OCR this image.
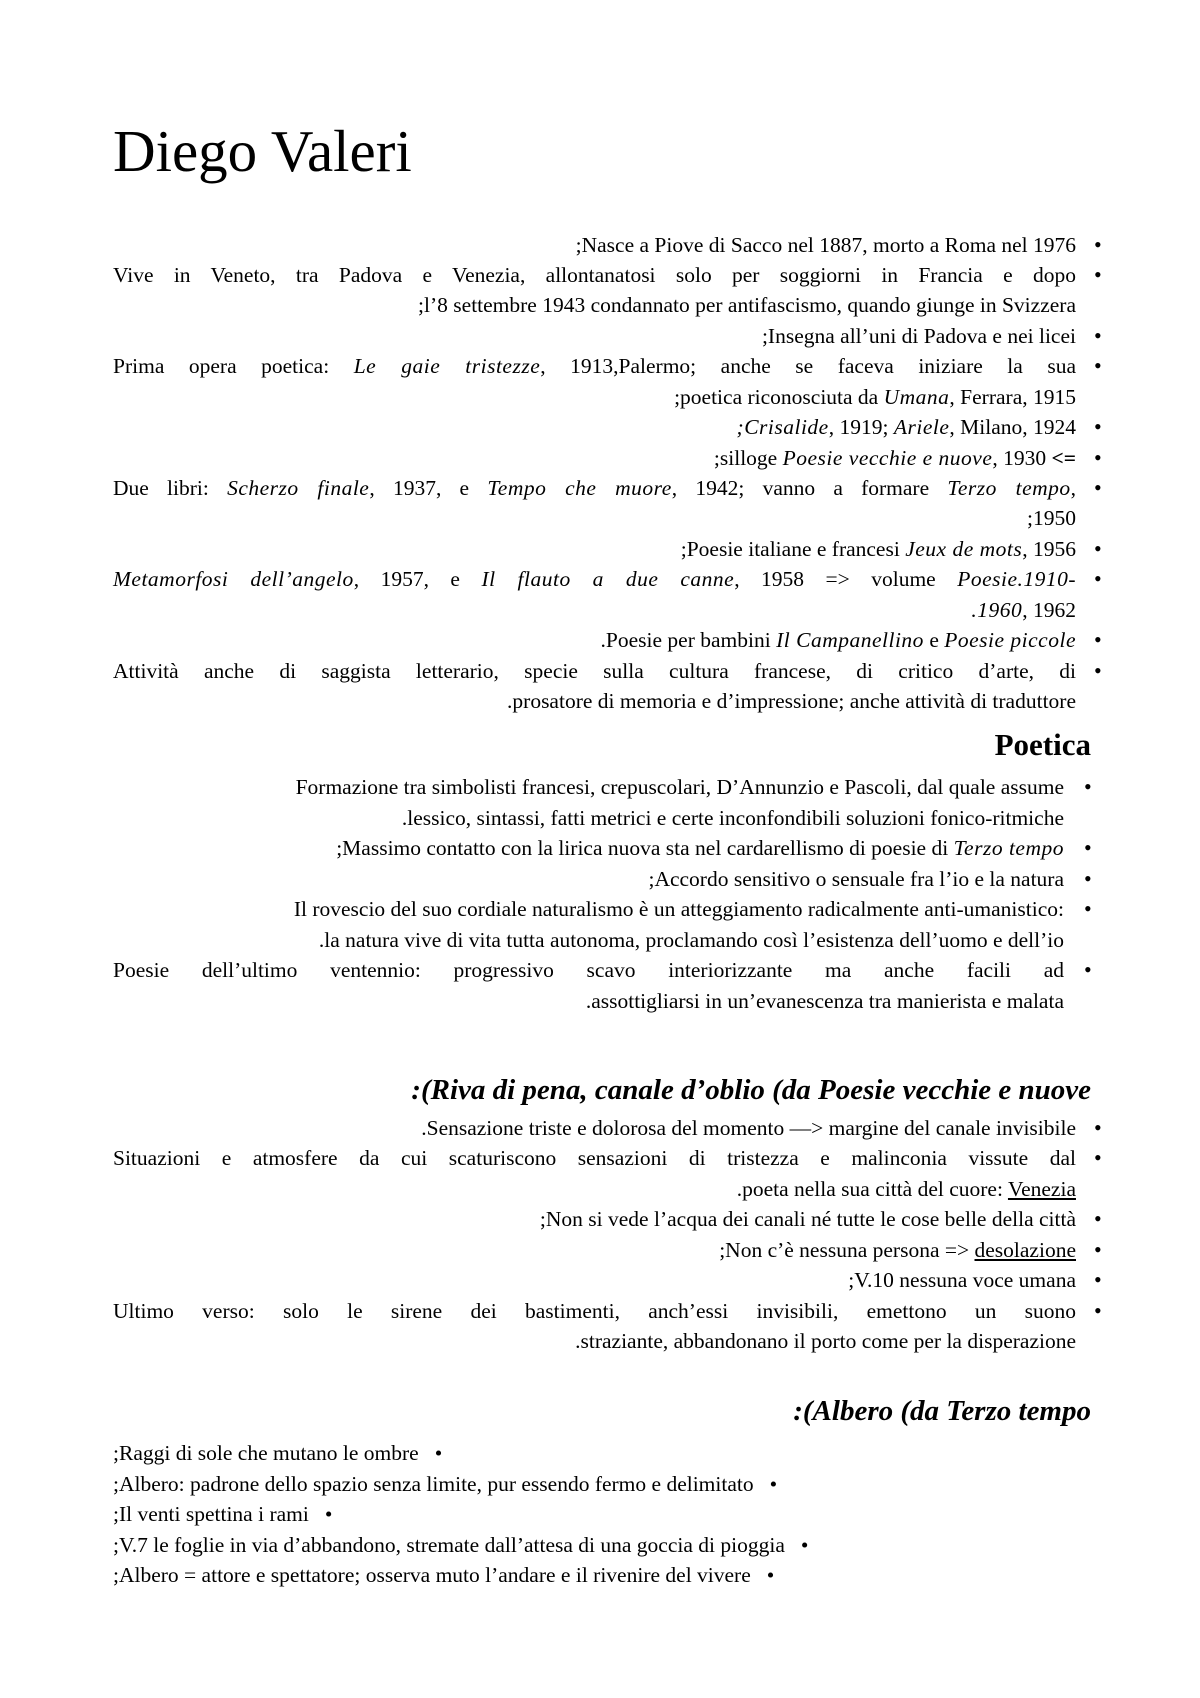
Diego Valeri
•
;Nasce a Piove di Sacco nel 1887, morto a Roma nel 1976
•
Vive in Veneto, tra Padova e Venezia, allontanatosi solo per soggiorni in Francia e dopo
;l’8 settembre 1943 condannato per antifascismo, quando giunge in Svizzera
•
;Insegna all’uni di Padova e nei licei
•
Prima opera poetica: Le gaie tristezze, 1913,Palermo; anche se faceva iniziare la sua
;poetica riconosciuta da Umana, Ferrara, 1915
•
;Crisalide, 1919; Ariele, Milano, 1924
•
;silloge Poesie vecchie e nuove, 1930 <=
•
Due libri: Scherzo finale, 1937, e Tempo che muore, 1942; vanno a formare Terzo tempo,
;1950
•
;Poesie italiane e francesi Jeux de mots, 1956
•
Metamorfosi dell’angelo, 1957, e Il flauto a due canne, 1958 => volume Poesie.1910-
.1960, 1962
•
.Poesie per bambini Il Campanellino e Poesie piccole
•
Attività anche di saggista letterario, specie sulla cultura francese, di critico d’arte, di
.prosatore di memoria e d’impressione; anche attività di traduttore
Poetica
•
Formazione tra simbolisti francesi, crepuscolari, D’Annunzio e Pascoli, dal quale assume
.lessico, sintassi, fatti metrici e certe inconfondibili soluzioni fonico-ritmiche
•
;Massimo contatto con la lirica nuova sta nel cardarellismo di poesie di Terzo tempo
•
;Accordo sensitivo o sensuale fra l’io e la natura
•
Il rovescio del suo cordiale naturalismo è un atteggiamento radicalmente anti-umanistico:
.la natura vive di vita tutta autonoma, proclamando così l’esistenza dell’uomo e dell’io
•
Poesie dell’ultimo ventennio: progressivo scavo interiorizzante ma anche facili ad
.assottigliarsi in un’evanescenza tra manierista e malata
:(Riva di pena, canale d’oblio (da Poesie vecchie e nuove
•
.Sensazione triste e dolorosa del momento —> margine del canale invisibile
•
Situazioni e atmosfere da cui scaturiscono sensazioni di tristezza e malinconia vissute dal
.poeta nella sua città del cuore: Venezia
•
;Non si vede l’acqua dei canali né tutte le cose belle della città
•
;Non c’è nessuna persona => desolazione
•
;V.10 nessuna voce umana
•
Ultimo verso: solo le sirene dei bastimenti, anch’essi invisibili, emettono un suono
.straziante, abbandonano il porto come per la disperazione
:(Albero (da Terzo tempo
;Raggi di sole che mutano le ombre •
;Albero: padrone dello spazio senza limite, pur essendo fermo e delimitato •
;Il venti spettina i rami •
;V.7 le foglie in via d’abbandono, stremate dall’attesa di una goccia di pioggia •
;Albero = attore e spettatore; osserva muto l’andare e il rivenire del vivere •
